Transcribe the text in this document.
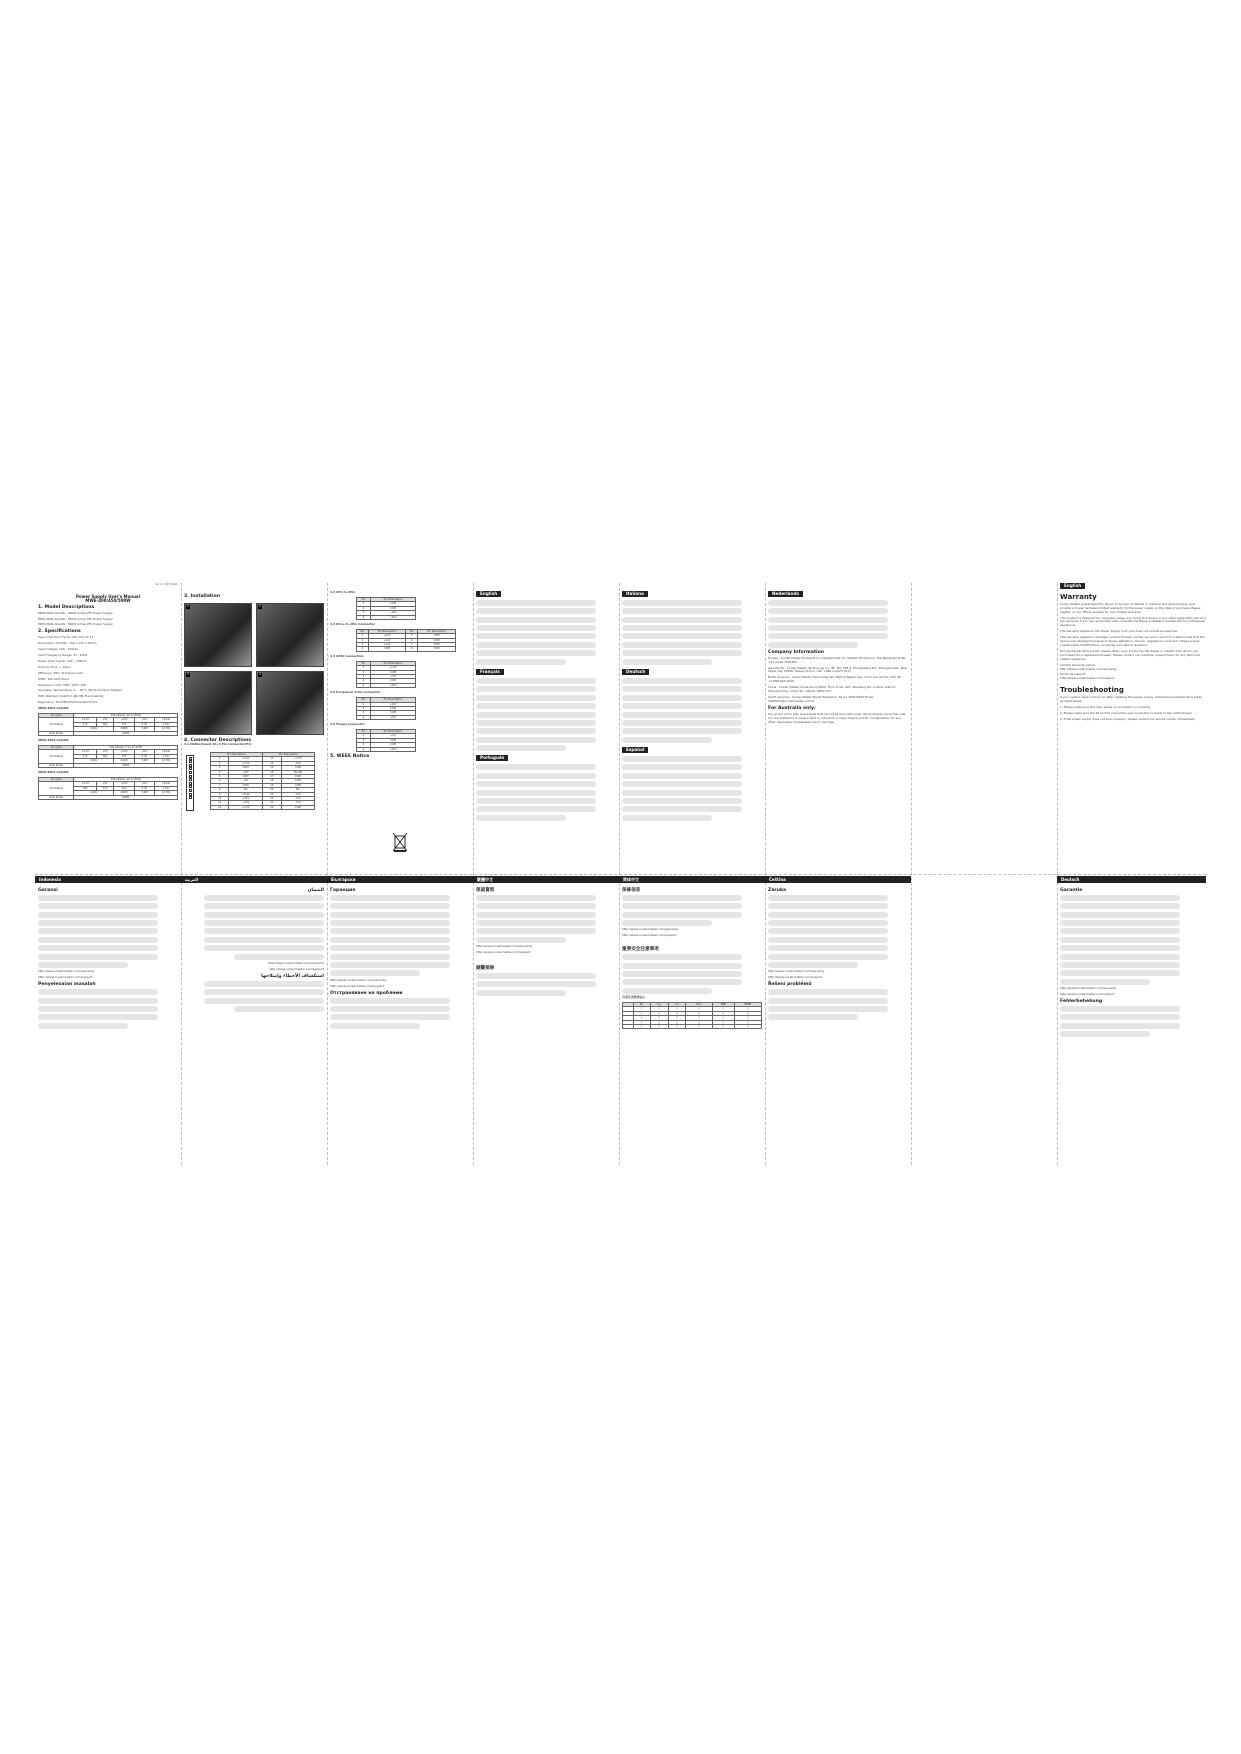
Ver 1.2 (8/7/2016)
Power Supply User's Manual
MWE-400/450/500W
1. Model Descriptions
MPW-4002-ACAAW : 400W Active PFC Power Supply
MPW-4502-ACAAW : 450W Active PFC Power Supply
MPW-5002-ACAAW : 500W Active PFC Power Supply
2. Specifications
Type: Intel Form Factor ATX 12V V2.31
Dimensions (W/H/D): 150 x 140 x 86mm
Input Voltage: 200 - 240Vac
Input Frequency Range: 47 - 63Hz
Power Good Signal: 100 ~ 500ms
Hold Up Time: > 16ms
Efficiency: 85% at Typical Load
MTBF: 100,000 Hours
Protection: OVP / OPP / OTP / SCP
Operation Temperature: 0 ~ 40°C (Nominal Input Voltage)
PCB: Standard UL94V-0 (94-HB) Flammability
Regulatory: TUV/CB/CE/CCC/ICAR/cTUVus
MPW-4002-ACAAW
AC Input	200-240Vac 3A 47-63Hz				
DC Output	+3.3V	+5V	+12V	-12V	+5Vsb
	17A	16A	33A	0.3A	2.5A
	100W		396W	3.6W	12.5W
Total Power	400W				
MPW-4502-ACAAW
AC Input	200-240Vac 3.5A 47-63Hz				
DC Output	+3.3V	+5V	+12V	-12V	+5Vsb
	17A	16A	37A	0.3A	2.5A
	100W		444W	3.6W	12.5W
Total Power	450W				
MPW-5002-ACAAW
AC Input	200-240Vac 4A 47-63Hz				
DC Output	+3.3V	+5V	+12V	-12V	+5Vsb
	18A	17A	41A	0.3A	2.5A
	110W		492W	3.6W	12.5W
Total Power	500W				
3. Installation
1	2
3	4
4. Connector Descriptions
4.1 Motherboard 20+4 Pin Connector(P1)
Pin Description		Pin Description	
1	+3.3V	13	+3.3V
2	+3.3V	14	-12V
3	COM	15	COM
4	+5V	16	PS-ON
5	COM	17	COM
6	+5V	18	COM
7	COM	19	COM
8	PG	20	NC
9	+5Vsb	21	+5V
10	+12V	22	+5V
11	+12V	23	+5V
12	+3.3V	24	COM
4.2 CPU 4+4Pin
Pin	Pin Description
1	COM
2	COM
3	+12V
4	+12V
4.3 PCI-e 6+2Pin Connector
Pin	Pin Description	Pin	Pin Description
1	+12V	5	COM
2	+12V	6	COM
3	+12V	7	COM
4	COM	8	COM
4.4 SATA Connection
Pin	Pin Description
1	+3.3V
2	COM
3	+5V
4	COM
5	+12V
4.5 Peripheral 4-Pin Connector
Pin	Pin Description
1	+12V
2	COM
3	COM
4	+5V
4.6 Floppy Connector
Pin	Pin Description
1	+5V
2	COM
3	COM
4	+12V
5. WEEE Notice
English
Français
Português
Italiano
Deutsch
Español
Nederlands
Company Information
Europe - Cooler Master Europe B.V. Lodewijkstraat 1A, 5652AC Eindhoven, The Netherlands Tel: +31-(0)40-7516300
Asia Pacific - Cooler Master Technology Inc. 8F., No. 788-1, Zhongzheng Rd., Zhonghe Dist., New Taipei City 23586, Taiwan (R.O.C.) Tel: +886-2-2225-3517
North America - Cooler Master Technology NA 4820 Schaefer Ave. Chino CA, 91710, USA Tel: +1-888-624-5099
China - Cooler Master China Room 2062, Floor 6, No. 421, Weiqiang Rd., Jinshan District, Shanghai City, China Tel: +86-21-55857377
South America - Cooler Master Brazil Telephone: 55-11-4562-9920 Email: CONTATO@coolermaster.com.br
For Australia only:
Our goods come with guarantees that cannot be excluded under the Australian Consumer Law. You are entitled to a replacement or refund for a major failure and for compensation for any other reasonably foreseeable loss or damage.
English
Warranty
Cooler Master guarantees this device to be free of defects in material and workmanship, and provide a 5-year hardware limited warranty for the power supply on the date of purchase. Please register on our official website for your limited warranty.
This product is designed for computer usage only. Using this device in any other application will void the warranty. If you are not familiar with computer hardware installation, please ask for professional assistance.
The warranty applies to the Power Supply Unit, and does not include accessories.
The warranty applies to damages caused through normal use and is void if it is determined that the device was damaged because of abuse, alteration, misuse, negligence, incorrect voltage supply, unauthorized modifications, accidents and natural disasters.
During the warranty period, please return your product to the dealer or retailer from whom you purchased for a replacement/repair. Please contact our customer support team for any technical related questions.
Limited warranty period:
http://www.coolermaster.com/warranty
Technical support:
http://www.coolermaster.com/support
Troubleshooting
If your system does not turn on after installing the power supply, follow the troubleshooting guide as listed below:
1. Please make sure the main power is connected on correctly.
2. Please make sure the P1 and P2 connectors are connected correctly to the motherboard.
3. If the power supply does not work properly, please contact our service center immediately.
Indonesia
Garansi
http://www.coolermaster.com/warranty
http://www.coolermaster.com/support
Penyelesaian masalah
العربية
الضمان
http://www.coolermaster.com/warranty
http://www.coolermaster.com/support
استكشاف الأخطاء وإصلاحها
Български
Гаранция
http://www.coolermaster.com/warranty
http://www.coolermaster.com/support
Отстраняване на проблеми
繁體中文
保固資訊
http://www.coolermaster.com/warranty
http://www.coolermaster.com/support
疑難排除
简体中文
保修信息
http://www.coolermaster.com/warranty
http://www.coolermaster.com/support
重要安全注意事项
有毒有害物质标示
	Pb	Hg	Cd	Cr6+	PBB	PBDE
	○	○	○	○	○	○
	○	○	○	○	○	○
	○	○	○	○	○	○
	○	○	○	○	○	○
	○	○	○	○	○	○
Čeština
Záruka
http://www.coolermaster.com/warranty
http://www.coolermaster.com/support
Řešení problémů
Deutsch
Garantie
http://www.coolermaster.com/warranty
http://www.coolermaster.com/support
Fehlerbehebung
